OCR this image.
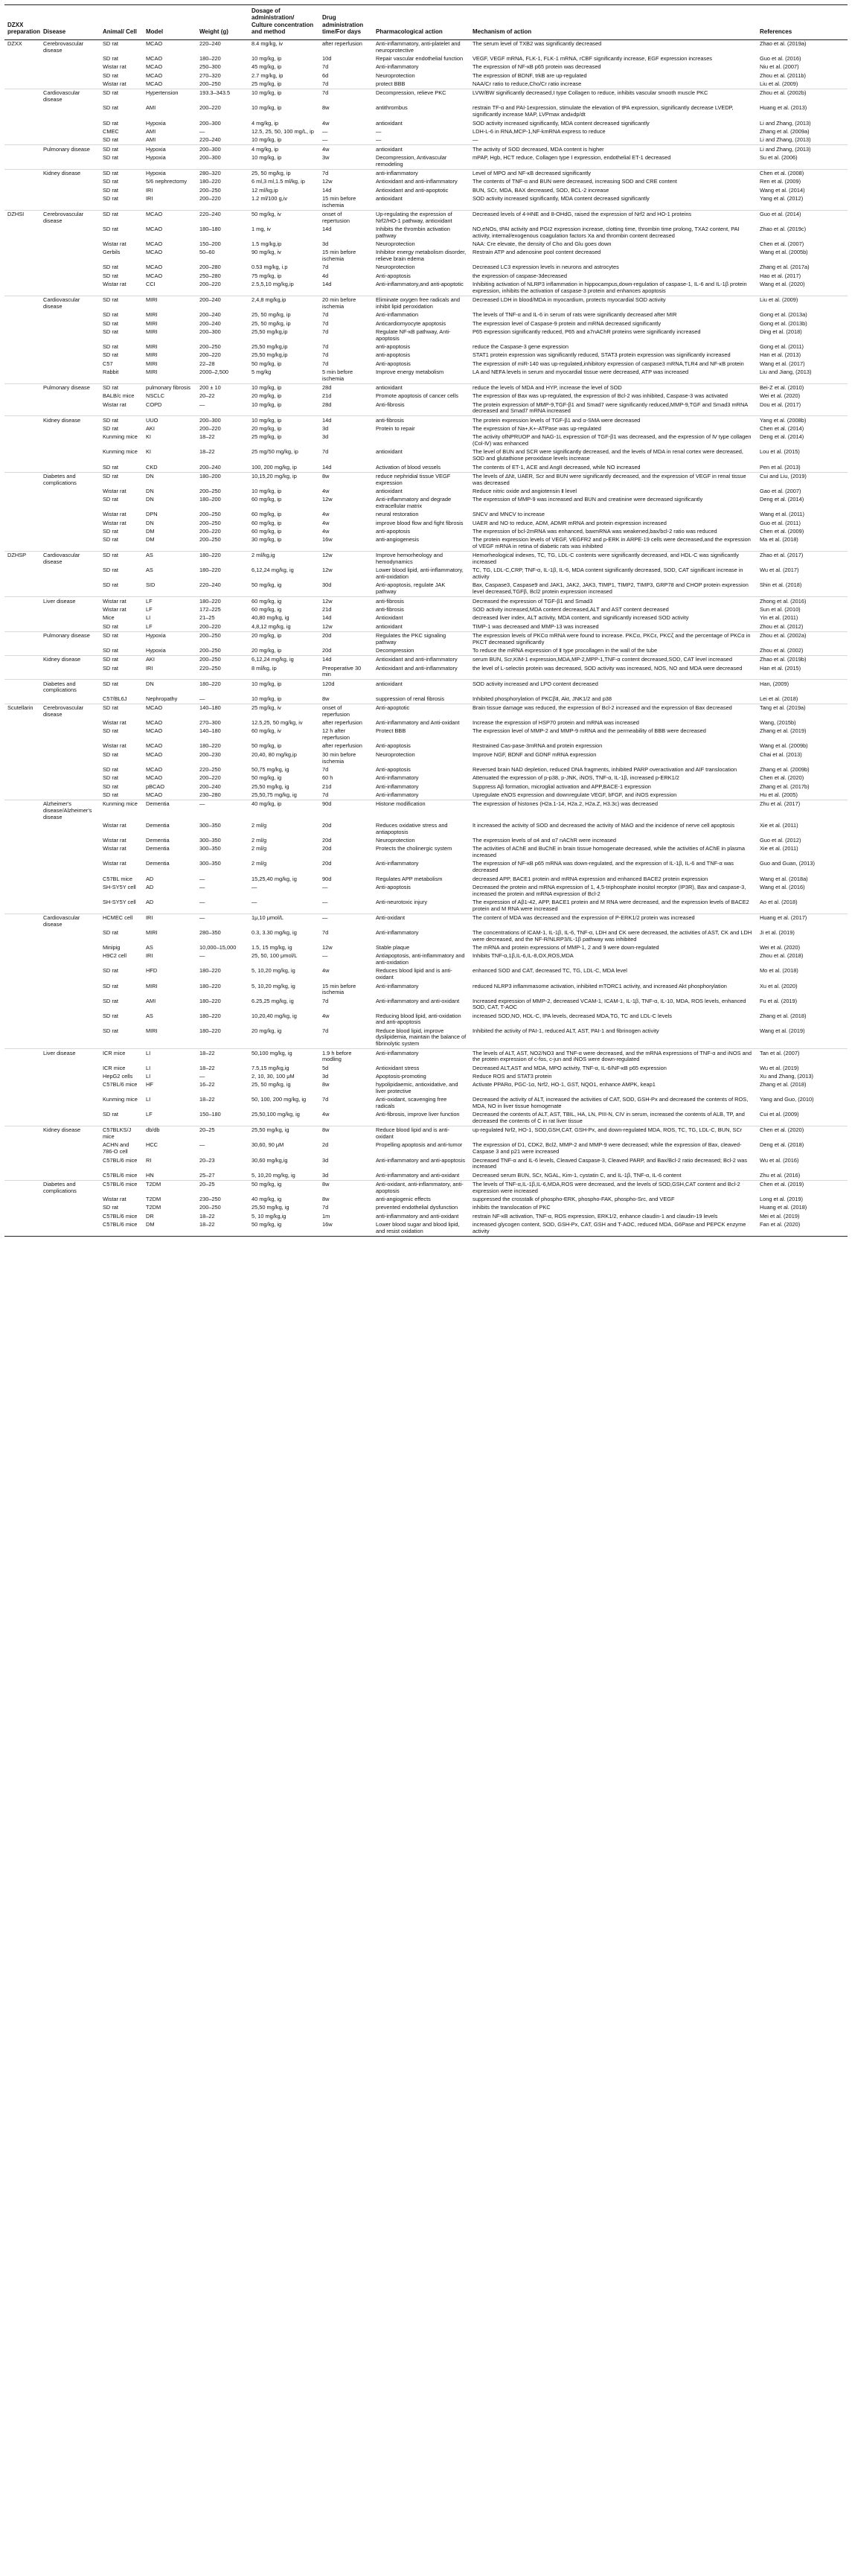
DZXX preparation	Disease	Animal/ Cell	Model	Weight (g)	Dosage of administration/ Culture concentration and method	Drug administration time/For days	Pharmacological action	Mechanism of action	References
DZXX	Cerebrovascular disease	SD rat	MCAO	220–240	8.4 mg/kg, iv	after reperfusion	Anti-inflammatory, anti-platelet and neuroprotective	The serum level of TXB2 was significantly decreased	Zhao et al. (2019a)
		SD rat	MCAO	180–220	10 mg/kg, ip	10d	Repair vascular endothelial function	VEGF, VEGF mRNA, FLK-1, FLK-1 mRNA, rCBF significantly increase, EGF expression increases	Guo et al. (2016)
		Wistar rat	MCAO	250–300	45 mg/kg, ip	7d	Anti-inflammatory	The expression of NF-κB p65 protein was decreased	Niu et al. (2007)
		SD rat	MCAO	270–320	2.7 mg/kg, ip	6d	Neuroprotection	The expression of BDNF, trkB are up-regulated	Zhou et al. (2011b)
		Wistar rat	MCAO	200–250	25 mg/kg, ip	7d	protect BBB	NAA/Cr ratio to reduce,Cho/Cr ratio increase	Liu et al. (2009)
	Cardiovascular disease	SD rat	Hypertension	193.3–343.5	10 mg/kg, ip	7d	Decompression, relieve PKC	LVW/BW significantly decreased,Ⅰ type Collagen to reduce, inhibits vascular smooth muscle PKC	Zhou et al. (2002b)
		SD rat	AMI	200–220	10 mg/kg, ip	8w	antithrombus	restrain TF-α and PAI-1expression, stimulate the elevation of tPA expression, significantly decrease LVEDP, significantly increase MAP, LVPmax and±dp/dt	Huang et al. (2013)
		SD rat	Hypoxia	200–300	4 mg/kg, ip	4w	antioxidant	SOD activity increased significantly, MDA content decreased significantly	Li and Zhang, (2013)
		CMEC	AMI	—	12.5, 25, 50, 100 mg/L, ip	—	—	LDH-L-6 in RNA,MCP-1,NF-kmRNA express to reduce	Zhang et al. (2009a)
		SD rat	AMI	220–240	10 mg/kg, ip	—	—	—	Li and Zhang, (2013)
	Pulmonary disease	SD rat	Hypoxia	200–300	4 mg/kg, ip	4w	antioxidant	The activity of SOD decreased, MDA content is higher	Li and Zhang, (2013)
		SD rat	Hypoxia	200–300	10 mg/kg, ip	3w	Decompression, Antivascular remodeling	mPAP, Hgb, HCT reduce, Collagen type Ⅰ expression, endothelial ET-1 decreased	Su et al. (2006)
	Kidney disease	SD rat	Hypoxia	280–320	25, 50 mg/kg, ip	7d	anti-inflammatory	Level of MPO and NF-κB decreased significantly	Chen et al. (2008)
		SD rat	5/6 nephrectomy	180–220	6 ml,3 ml,1.5 ml/kg, ip	12w	Antioxidant and anti-inflammatory	The contents of TNF-α and BUN were decreased, increasing SOD and CRE content	Ren et al. (2009)
		SD rat	IRI	200–250	12 ml/kg,ip	14d	Antioxidant and anti-apoptotic	BUN, SCr, MDA, BAX decreased, SOD, BCL-2 increase	Wang et al. (2014)
		SD rat	IRI	200–220	1.2 ml/100 g,iv	15 min before ischemia	antioxidant	SOD activity increased significantly, MDA content decreased significantly	Yang et al. (2012)
DZHSI	Cerebrovascular disease	SD rat	MCAO	220–240	50 mg/kg, iv	onset of repertusion	Up-regulating the expression of Nrf2/HO-1 pathway, antioxidant	Decreased levels of 4-HNE and 8-OHdG, raised the expression of Nrf2 and HO-1 proteins	Guo et al. (2014)
		SD rat	MCAO	180–180	1 mg, iv	14d	Inhibits the thrombin activation pathway	NO,eNOs, tPAI activity and PGI2 expression increase, clotting time, thrombin time prolong, TXA2 content, PAI activity, internal/exogenous coagulation factors Xa and thrombin content decreased	Zhao et al. (2019c)
		Wistar rat	MCAO	150–200	1.5 mg/kg,ip	3d	Neuroprotection	NAA: Cre elevate, the density of Cho and Glu goes down	Chen et al. (2007)
		Gerbils	MCAO	50–60	90 mg/kg, iv	15 min before ischemia	Inhibitor energy metabolism disorder, relieve brain edema	Restrain ATP and adenosine pool content decreased	Wang et al. (2005b)
		SD rat	MCAO	200–280	0.53 mg/kg, i.p	7d	Neuroprotection	Decreased LC3 expression levels in neurons and astrocytes	Zhang et al. (2017a)
		SD rat	MCAO	250–280	75 mg/kg, ip	4d	Anti-apoptosis	the expression of caspase-3decreased	Hao et al. (2017)
		Wistar rat	CCI	200–220	2.5,5,10 mg/kg,ip	14d	Anti-inflammatory,and anti-apoptotic	Inhibiting activation of NLRP3 inflammation in hippocampus,down-regulation of caspase-1, IL-6 and IL-1β protein expression, inhibits the activation of caspase-3 protein and enhances apoptosis	Wang et al. (2020)
	Cardiovascular disease	SD rat	MIRI	200–240	2,4,8 mg/kg,ip	20 min before ischemia	Eliminate oxygen free radicals and inhibit lipid peroxidation	Decreased LDH in blood/MDA in myocardium, protects myocardial SOD activity	Liu et al. (2009)
		SD rat	MIRI	200–240	25, 50 mg/kg, ip	7d	Anti-inflammation	The levels of TNF-α and IL-6 in serum of rats were significantly decreased after MIR	Gong et al. (2013a)
		SD rat	MIRI	200–240	25, 50 mg/kg, ip	7d	Anticardiomyocyte apoptosis	The expression level of Caspase-9 protein and mRNA decreased significantly	Gong et al. (2013b)
		SD rat	MIRI	200–300	25,50 mg/kg,ip	7d	Regulate NF-κB pathway, Anti-apoptosis	P65 expression significantly reduced, P65 and a7nAChR proteins were significantly increased	Ding et al. (2018)
		SD rat	MIRI	200–250	25,50 mg/kg,ip	7d	anti-apoptosis	reduce the Caspase-3 gene expression	Gong et al. (2011)
		SD rat	MIRI	200–220	25,50 mg/kg,ip	7d	anti-apoptosis	STAT1 protein expression was significantly reduced, STAT3 protein expression was significantly increased	Han et al. (2013)
		C57	MIRI	22–28	50 mg/kg, ip	7d	Anti-apoptosis	The expression of miR-140 was up-regulated,inhibitory expression of caspase3 mRNA,TLR4 and NF-κB protein	Wang et al. (2017)
		Rabbit	MIRI	2000–2,500	5 mg/kg	5 min before ischemia	Improve energy metabolism	LA and NEFA levels in serum and myocardial tissue were decreased, ATP was increased	Liu and Jiang, (2013)
	Pulmonary disease	SD rat	pulmonary fibrosis	200 ± 10	10 mg/kg, ip	28d	antioxidant	reduce the levels of MDA and HYP, increase the level of SOD	Bei-Z et al. (2010)
		BALB/c mice	NSCLC	20–22	20 mg/kg, ip	21d	Promote apoptosis of cancer cells	The expression of Bax was up-regulated, the expression of Bcl-2 was inhibited, Caspase-3 was activated	Wei et al. (2020)
		Wistar rat	COPD	—	10 mg/kg, ip	28d	Anti-fibrosis	The protein expression of MMP-9,TGF-β1 and Smad7 were significantly reduced,MMP-9,TGF and Smad3 mRNA decreased and Smad7 mRNA increased	Dou et al. (2017)
	Kidney disease	SD rat	UUO	200–300	10 mg/kg, ip	14d	anti-fibrosis	The protein expression levels of TGF-β1 and α-SMA were decreased	Yang et al. (2008b)
		SD rat	AKI	200–220	20 mg/kg, ip	3d	Protein to repair	The expression of Na+,K+-ATPase was up-regulated	Chen et al. (2014)
		Kunming mice	KI	18–22	25 mg/kg, ip	3d		The activity ofNPRUOP and NAG-1L expression of TGF-β1 was decreased, and the expression of Ⅳ type collagen (Col-Ⅳ) was enhanced	Deng et al. (2014)
		Kunming mice	KI	18–22	25 mg/50 mg/kg, ip	7d	antioxidant	The level of BUN and SCR were significantly decreased, and the levels of MDA in renal cortex were decreased, SOD and glutathione peroxidase levels increase	Lou et al. (2015)
		SD rat	CKD	200–240	100, 200 mg/kg, ip	14d	Activation of blood vessels	The contents of ET-1, ACE and AngII decreased, while NO increased	Pen et al. (2013)
	Diabetes and complications	SD rat	DN	180–200	10,15,20 mg/kg, ip	8w	reduce nephridial tissue VEGF expression	The levels of ΔNt, UAER, Scr and BUN were significantly decreased, and the expression of VEGF in renal tissue was decreased	Cui and Liu, (2019)
		Wistar rat	DN	200–250	10 mg/kg, ip	4w	antioxidant	Reduce nitric oxide and angiotensin Ⅱ level	Gao et al. (2007)
		SD rat	DN	180–200	60 mg/kg, ip	12w	Anti-inflammatory and degrade extracellular matrix	The expression of MMP-9 was increased and BUN and creatinine were decreased significantly	Deng et al. (2014)
		Wistar rat	DPN	200–250	60 mg/kg, ip	4w	neural restoration	SNCV and MNCV to increase	Wang et al. (2011)
		Wistar rat	DN	200–250	60 mg/kg, ip	4w	improve blood flow and fight fibrosis	UAER and NO to reduce, ADM, ADMR mRNA and protein expression increased	Guo et al. (2011)
		SD rat	DM	200–220	60 mg/kg, ip	4w	anti-apoptosis	The expression of bcl-2mRNA was enhanced, baxmRNA was weakened,bax/bcl-2 ratio was reduced	Chen et al. (2009)
		SD rat	DM	200–250	30 mg/kg, ip	16w	anti-angiogenesis	The protein expression levels of VEGF, VEGFR2 and p-ERK in ARPE-19 cells were decreased,and the expression of VEGF mRNA in retina of diabetic rats was inhibited	Ma et al. (2018)
DZHSP	Cardiovascular disease	SD rat	AS	180–220	2 ml/kg,ig	12w	Improve hemorheology and hemodynamics	Hemorheological indexes, TC, TG, LDL-C contents were significantly decreased, and HDL-C was significantly increased	Zhao et al. (2017)
		SD rat	AS	180–220	6,12,24 mg/kg, ig	12w	Lower blood lipid, anti-inflammatory, anti-oxidation	TC, TG, LDL-C,CRP, TNF-α, IL-1β, IL-6, MDA content significantly decreased, SOD, CAT significant increase in activity	Wu et al. (2017)
		SD rat	SID	220–240	50 mg/kg, ig	30d	Anti-apoptosis, regulate JAK pathway	Bax, Caspase3, Caspase9 and JAK1, JAK2, JAK3, TIMP1, TIMP2, TIMP3, GRP78 and CHOP protein expression level decreased,TGFβ, Bcl2 protein expression increased	Shin et al. (2018)
	Liver disease	Wistar rat	LF	180–220	60 mg/kg, ig	12w	anti-fibrosis	Decreased the expression of TGF-β1 and Smad3	Zhong et al. (2016)
		Wistar rat	LF	172–225	60 mg/kg, ig	21d	anti-fibrosis	SOD activity increased,MDA content decreased,ALT and AST content decreased	Sun et al. (2010)
		Mice	LI	21–25	40,80 mg/kg, ig	14d	Antioxidant	decreased liver index, ALT activity, MDA content, and significantly increased SOD activity	Yin et al. (2011)
		SD rat	LF	200–220	4,8,12 mg/kg, ig	12w	antioxidant	TIMP-1 was decreased and MMP-13 was increased	Zhou et al. (2012)
	Pulmonary disease	SD rat	Hypoxia	200–250	20 mg/kg, ip	20d	Regulates the PKC signaling pathway	The expression levels of PKCα mRNA were found to increase. PKCα, PKCε, PKCζ and the percentage of PKCα in PKCT decreased significantly	Zhou et al. (2002a)
		SD rat	Hypoxia	200–250	20 mg/kg, ip	20d	Decompression	To reduce the mRNA expression of Ⅱ type procollagen in the wall of the tube	Zhou et al. (2002)
	Kidney disease	SD rat	AKI	200–250	6,12,24 mg/kg, ig	14d	Antioxidant and anti-inflammatory	serum BUN, Scr,KIM-1 expression,MDA,MP-2,MPP-1,TNF-α content decreased,SOD, CAT level increased	Zhao et al. (2019b)
		SD rat	IRI	220–250	8 ml/kg, ip	Preoperative 30 min	Antioxidant and anti-inflammatory	the level of L-selectin protein was decreased, SOD activity was increased, NOS, NO and MDA were decreased	Han et al. (2015)
	Diabetes and complications	SD rat	DN	180–220	10 mg/kg, ip	120d	antioxidant	SOD activity increased and LPO content decreased	Han, (2009)
		C57/BL6J	Nephropathy	—	10 mg/kg, ip	8w	suppression of renal fibrosis	Inhibited phosphorylation of PKCβⅡ, Akt, JNK1/2 and p38	Lei et al. (2018)
Scutellarin	Cerebrovascular disease	SD rat	MCAO	140–180	25 mg/kg, iv	onset of reperfusion	Anti-apoptotic	Brain tissue damage was reduced, the expression of Bcl-2 increased and the expression of Bax decreased	Tang et al. (2019a)
		Wistar rat	MCAO	270–300	12.5,25, 50 mg/kg, iv	after reperfusion	Anti-inflammatory and Anti-oxidant	Increase the expression of HSP70 protein and mRNA was increased	Wang, (2015b)
		SD rat	MCAO	140–180	60 mg/kg, iv	12 h after reperfusion	Protect BBB	The expression level of MMP-2 and MMP-9 mRNA and the permeability of BBB were decreased	Zhang et al. (2019)
		Wistar rat	MCAO	180–220	50 mg/kg, ip	after reperfusion	Anti-apoptosis	Restrained Cas-pase-3mRNA and protein expression	Wang et al. (2009b)
		SD rat	MCAO	200–230	20,40, 80 mg/kg,ip	30 min before ischemia	Neuroprotection	Improve NGF, BDNF and GDNF mRNA expression	Chai et al. (2013)
		SD rat	MCAO	220–250	50,75 mg/kg, ig	7d	Anti-apoptosis	Reversed brain NAD depletion, reduced DNA fragments, inhibited PARP overactivation and AIF translocation	Zhang et al. (2009b)
		SD rat	MCAO	200–220	50 mg/kg, ig	60 h	Anti-inflammatory	Attenuated the expression of p-p38, p-JNK, iNOS, TNF-α, IL-1β, increased p-ERK1/2	Chen et al. (2020)
		SD rat	pBCAO	200–240	25,50 mg/kg, ig	21d	Anti-inflammatory	Suppress Aβ formation, microglial activation and APP,BACE-1 expression	Zhang et al. (2017b)
		SD rat	MCAO	230–280	25,50,75 mg/kg, ig	7d	Anti-inflammatory	Upregulate eNOS expression and downregulate VEGF, bFGF, and iNOS expression	Hu et al. (2005)
	Alzheimer's disease/Alzheimer's disease	Kunming mice	Dementia	—	40 mg/kg, ip	90d	Histone modification	The expression of histones (H2a.1-14, H2a.2, H2a.Z, H3.3c) was decreased	Zhu et al. (2017)
		Wistar rat	Dementia	300–350	2 ml/g	20d	Reduces oxidative stress and antiapoptosis	It increased the activity of SOD and decreased the activity of MAO and the incidence of nerve cell apoptosis	Xie et al. (2011)
		Wistar rat	Dementia	300–350	2 ml/g	20d	Neuroprotection	The expression levels of α4 and α7 nAChR were increased	Guo et al. (2012)
		Wistar rat	Dementia	300–350	2 ml/g	20d	Protects the cholinergic system	The activities of AChE and BuChE in brain tissue homogenate decreased, while the activities of AChE in plasma increased	Xie et al. (2011)
		Wistar rat	Dementia	300–350	2 ml/g	20d	Anti-inflammatory	The expression of NF-κB p65 mRNA was down-regulated, and the expression of IL-1β, IL-6 and TNF-α was decreased	Guo and Guan, (2013)
		C57BL mice	AD	—	15,25,40 mg/kg, ig	90d	Regulates APP metabolism	decreased APP, BACE1 protein and mRNA expression and enhanced BACE2 protein expression	Wang et al. (2018a)
		SH-SY5Y cell	AD	—	—	—	Anti-apoptosis	Decreased the protein and mRNA expression of 1, 4,5-triphosphate inositol receptor (IP3R), Bax and caspase-3, increased the protein and mRNA expression of Bcl-2	Wang et al. (2016)
		SH-SY5Y cell	AD	—	—	—	Anti-neurotoxic injury	The expression of Aβ1-42, APP, BACE1 protein and M RNA were decreased, and the expression levels of BACE2 protein and M RNA were increased	Ao et al. (2018)
	Cardiovascular disease	HCMEC cell	IRI	—	1μ,10 μmol/L	—	Anti-oxidant	The content of MDA was decreased and the expression of P-ERK1/2 protein was increased	Huang et al. (2017)
		SD rat	MIRI	280–350	0.3, 3.30 mg/kg, ig	7d	Anti-inflammatory	The concentrations of ICAM-1, IL-1β, IL-6, TNF-α, LDH and CK were decreased, the activities of AST, CK and LDH were decreased, and the NF-R/NLRP3/IL-1β pathway was inhibited	Ji et al. (2019)
		Minipig	AS	10,000–15,000	1.5, 15 mg/kg, ig	12w	Stable plaque	The mRNA and protein expressions of MMP-1, 2 and 9 were down-regulated	Wei et al. (2020)
		H9C2 cell	IRI	—	25, 50, 100 μmol/L	—	Antiapoptosis, anti-inflammatory and anti-oxidation	Inhibits TNF-α,1β,IL-6,IL-8,OX,ROS,MDA	Zhou et al. (2018)
		SD rat	HFD	180–220	5, 10,20 mg/kg, ig	4w	Reduces blood lipid and is anti-oxidant	enhanced SOD and CAT, decreased TC, TG, LDL-C, MDA level	Mo et al. (2018)
		SD rat	MIRI	180–220	5, 10,20 mg/kg, ig	15 min before ischemia	Anti-inflammatory	reduced NLRP3 inflammasome activation, inhibited mTORC1 activity, and increased Akt phosphorylation	Xu et al. (2020)
		SD rat	AMI	180–220	6.25,25 mg/kg, ig	7d	Anti-inflammatory and anti-oxidant	Increased expression of MMP-2, decreased VCAM-1, ICAM-1, IL-1β, TNF-α, IL-10, MDA, ROS levels, enhanced SOD, CAT, T-AOC	Fu et al. (2019)
		SD rat	AS	180–220	10,20,40 mg/kg, ig	4w	Reducing blood lipid, anti-oxidation and anti-apoptosis	increased SOD,NO, HDL-C, IPA levels, decreased MDA,TG, TC and LDL-C levels	Zhang et al. (2018)
		SD rat	MIRI	180–220	20 mg/kg, ig	7d	Reduce blood lipid, improve dyslipidemia, maintain the balance of fibrinolytic system	Inhibited the activity of PAI-1, reduced ALT, AST, PAI-1 and fibrinogen activity	Wang et al. (2019)
	Liver disease	ICR mice	LI	18–22	50,100 mg/kg, ig	1.9 h before modling	Anti-inflammatory	The levels of ALT, AST, NO2/NO3 and TNF-α were decreased, and the mRNA expressions of TNF-α and iNOS and the protein expression of c-fos, c-jun and iNOS were down-regulated	Tan et al. (2007)
		ICR mice	LI	18–22	7.5,15 mg/kg,ig	5d	Antioxidant stress	Decreased ALT,AST and MDA, MPO activity, TNF-α, IL-6/NF-κB p65 expression	Wu et al. (2019)
		HepG2 cells	LI	—	2, 10, 30, 100 μM	3d	Apoptosis-promoting	Reduce ROS and STAT3 protein	Xu and Zhang, (2013)
		C57BL/6 mice	HF	16–22	25, 50 mg/kg, ig	8w	hypolipidaemic, antioxidative, and liver protective	Activate PPARα, PGC-1α, Nrf2, HO-1, GST, NQO1, enhance AMPK, keap1	Zhang et al. (2018)
		Kunming mice	LI	18–22	50, 100, 200 mg/kg, ig	7d	Anti-oxidant, scavenging free radicals	Decreased the activity of ALT, increased the activities of CAT, SOD, GSH-Px and decreased the contents of ROS, MDA, NO in liver tissue homogenate	Yang and Guo, (2010)
		SD rat	LF	150–180	25,50,100 mg/kg, ig	4w	Anti-fibrosis, improve liver function	Decreased the contents of ALT, AST, TBIL, HA, LN, PIII-N, CIV in serum, increased the contents of ALB, TP, and decreased the contents of C in rat liver tissue	Cui et al. (2009)
	Kidney disease	C57BLKS/J mice	db/db	20–25	25,50 mg/kg, ig	8w	Reduce blood lipid and is anti-oxidant	up-regulated Nrf2, HO-1, SOD,GSH,CAT, GSH-Px, and down-regulated MDA, ROS, TC, TG, LDL-C, BUN, SCr	Chen et al. (2020)
		ACHN and 786-O cell	HCC	—	30,60, 90 μM	2d	Propelling apoptosis and anti-tumor	The expression of D1, CDK2, Bcl2, MMP-2 and MMP-9 were decreased; while the expression of Bax, cleaved-Caspase 3 and p21 were increased	Deng et al. (2018)
		C57BL/6 mice	RI	20–23	30,60 mg/kg,ig	3d	Anti-inflammatory and anti-apoptosis	Decreased TNF-α and IL-6 levels, Cleaved Caspase-3, Cleaved PARP, and Bax/Bcl-2 ratio decreased; Bcl-2 was increased	Wu et al. (2016)
		C57BL/6 mice	HN	25–27	5, 10,20 mg/kg, ig	3d	Anti-inflammatory and anti-oxidant	Decreased serum BUN, SCr, NGAL, Kim-1, cystatin C, and IL-1β, TNF-α, IL-6 content	Zhu et al. (2016)
	Diabetes and complications	C57BL/6 mice	T2DM	20–25	50 mg/kg, ig	8w	Anti-oxidant, anti-inflammatory, anti-apoptosis	The levels of TNF-α,IL-1β,IL-6,MDA,ROS were decreased, and the levels of SOD,GSH,CAT content and Bcl-2 expression were increased	Chen et al. (2019)
		Wistar rat	T2DM	230–250	40 mg/kg, ig	8w	anti-angiogenic effects	suppressed the crosstalk of phospho-ERK, phospho-FAK, phospho-Src, and VEGF	Long et al. (2019)
		SD rat	T2DM	200–250	25,50 mg/kg, ig	7d	prevented endothelial dysfunction	inhibits the translocation of PKC	Huang et al. (2018)
		C57BL/6 mice	DR	18–22	5, 10 mg/kg,ig	1m	anti-inflammatory and anti-oxidant	restrain NF-κB activation, TNF-α, ROS expression, ERK1/2, enhance claudin-1 and claudin-19 levels	Mei et al. (2019)
		C57BL/6 mice	DM	18–22	50 mg/kg, ig	16w	Lower blood sugar and blood lipid, and resist oxidation	increased glycogen content, SOD, GSH-Px, CAT, GSH and T-AOC, reduced MDA, G6Pase and PEPCK enzyme activity	Fan et al. (2020)
